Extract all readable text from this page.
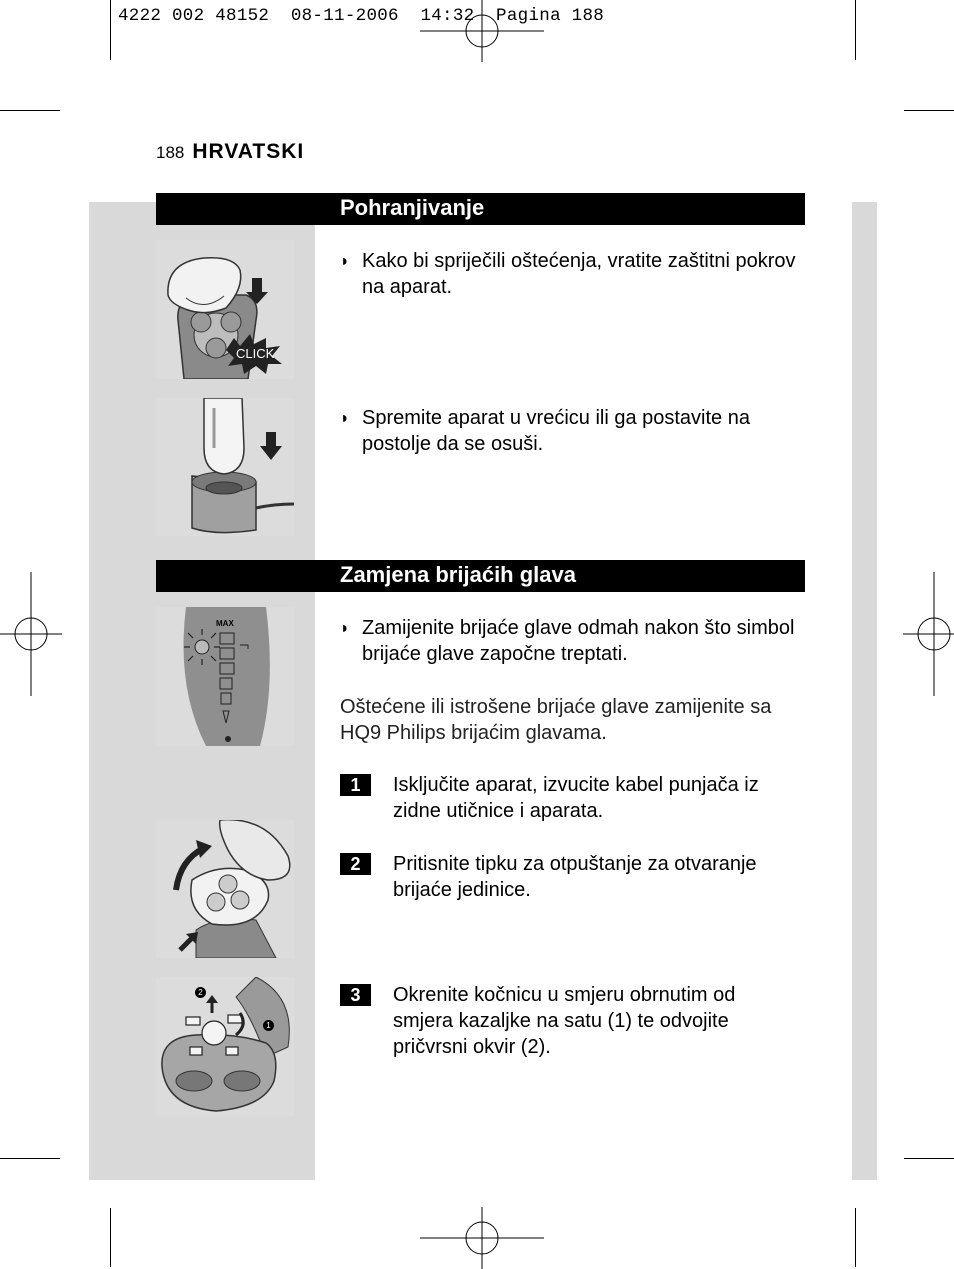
4222 002 48152  08-11-2006  14:32  Pagina 188
188 HRVATSKI
Pohranjivanje
CLICK
◗ Kako bi spriječili oštećenja, vratite zaštitni pokrov na aparat.
◗ Spremite aparat u vrećicu ili ga postavite na postolje da se osuši.
Zamjena brijaćih glava
MAX
2
1
◗ Zamijenite brijaće glave odmah nakon što simbol brijaće glave započne treptati.
Oštećene ili istrošene brijaće glave zamijenite sa HQ9 Philips brijaćim glavama.
1	Isključite aparat, izvucite kabel punjača iz zidne utičnice i aparata.
2	Pritisnite tipku za otpuštanje za otvaranje brijaće jedinice.
3	Okrenite kočnicu u smjeru obrnutim od smjera kazaljke na satu (1) te odvojite pričvrsni okvir (2).
